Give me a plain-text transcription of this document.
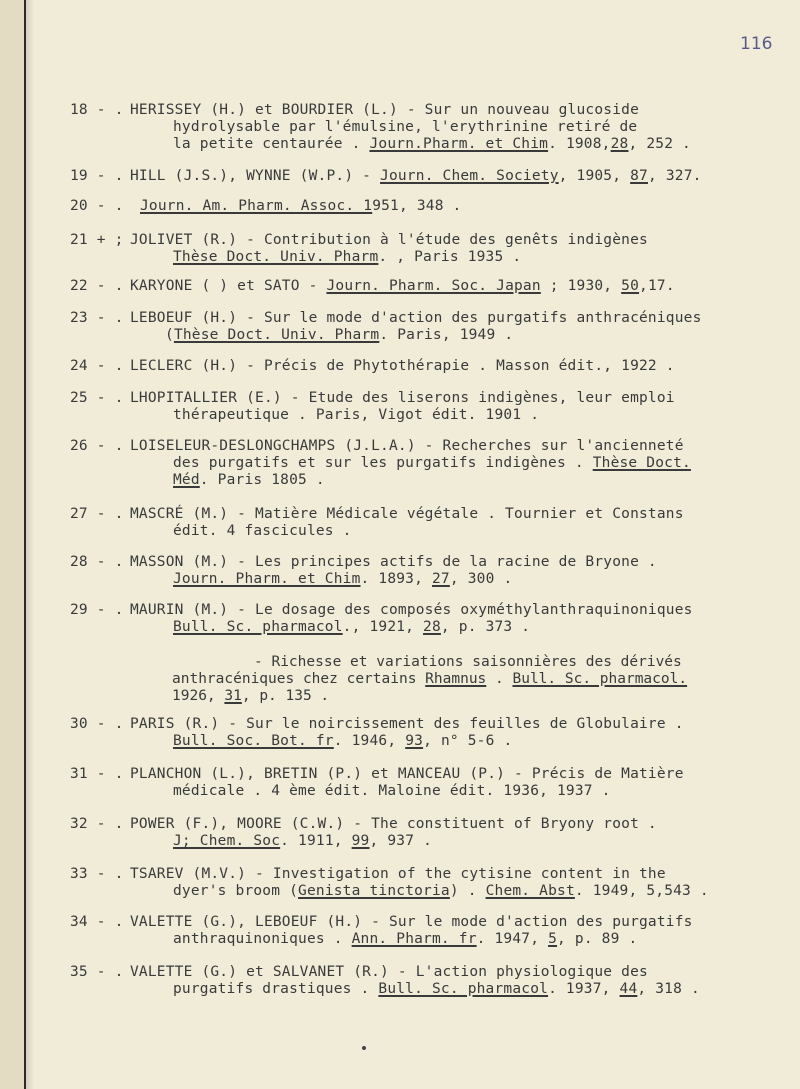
116
18 - . HERISSEY (H.) et BOURDIER (L.) - Sur un nouveau glucoside
hydrolysable par l'émulsine, l'erythrinine retiré de
la petite centaurée . Journ.Pharm. et Chim. 1908,28, 252 .
19 - . HILL (J.S.), WYNNE (W.P.) - Journ. Chem. Society, 1905, 87, 327.
20 - . Journ. Am. Pharm. Assoc. 1951, 348 .
21 + ; JOLIVET (R.) - Contribution à l'étude des genêts indigènes
Thèse Doct. Univ. Pharm. , Paris 1935 .
22 - . KARYONE ( ) et SATO - Journ. Pharm. Soc. Japan ; 1930, 50,17.
23 - . LEBOEUF (H.) - Sur le mode d'action des purgatifs anthracéniques
(Thèse Doct. Univ. Pharm. Paris, 1949 .
24 - . LECLERC (H.) - Précis de Phytothérapie . Masson édit., 1922 .
25 - . LHOPITALLIER (E.) - Etude des liserons indigènes, leur emploi
thérapeutique . Paris, Vigot édit. 1901 .
26 - . LOISELEUR-DESLONGCHAMPS (J.L.A.) - Recherches sur l'ancienneté
des purgatifs et sur les purgatifs indigènes . Thèse Doct.
Méd. Paris 1805 .
27 - . MASCRÉ (M.) - Matière Médicale végétale . Tournier et Constans
édit. 4 fascicules .
28 - . MASSON (M.) - Les principes actifs de la racine de Bryone .
Journ. Pharm. et Chim. 1893, 27, 300 .
29 - . MAURIN (M.) - Le dosage des composés oxyméthylanthraquinoniques
Bull. Sc. pharmacol., 1921, 28, p. 373 .
- Richesse et variations saisonnières des dérivés
anthracéniques chez certains Rhamnus . Bull. Sc. pharmacol.
1926, 31, p. 135 .
30 - . PARIS (R.) - Sur le noircissement des feuilles de Globulaire .
Bull. Soc. Bot. fr. 1946, 93, n° 5-6 .
31 - . PLANCHON (L.), BRETIN (P.) et MANCEAU (P.) - Précis de Matière
médicale . 4 ème édit. Maloine édit. 1936, 1937 .
32 - . POWER (F.), MOORE (C.W.) - The constituent of Bryony root .
J; Chem. Soc. 1911, 99, 937 .
33 - . TSAREV (M.V.) - Investigation of the cytisine content in the
dyer's broom (Genista tinctoria) . Chem. Abst. 1949, 5,543 .
34 - . VALETTE (G.), LEBOEUF (H.) - Sur le mode d'action des purgatifs
anthraquinoniques . Ann. Pharm. fr. 1947, 5, p. 89 .
35 - . VALETTE (G.) et SALVANET (R.) - L'action physiologique des
purgatifs drastiques . Bull. Sc. pharmacol. 1937, 44, 318 .
